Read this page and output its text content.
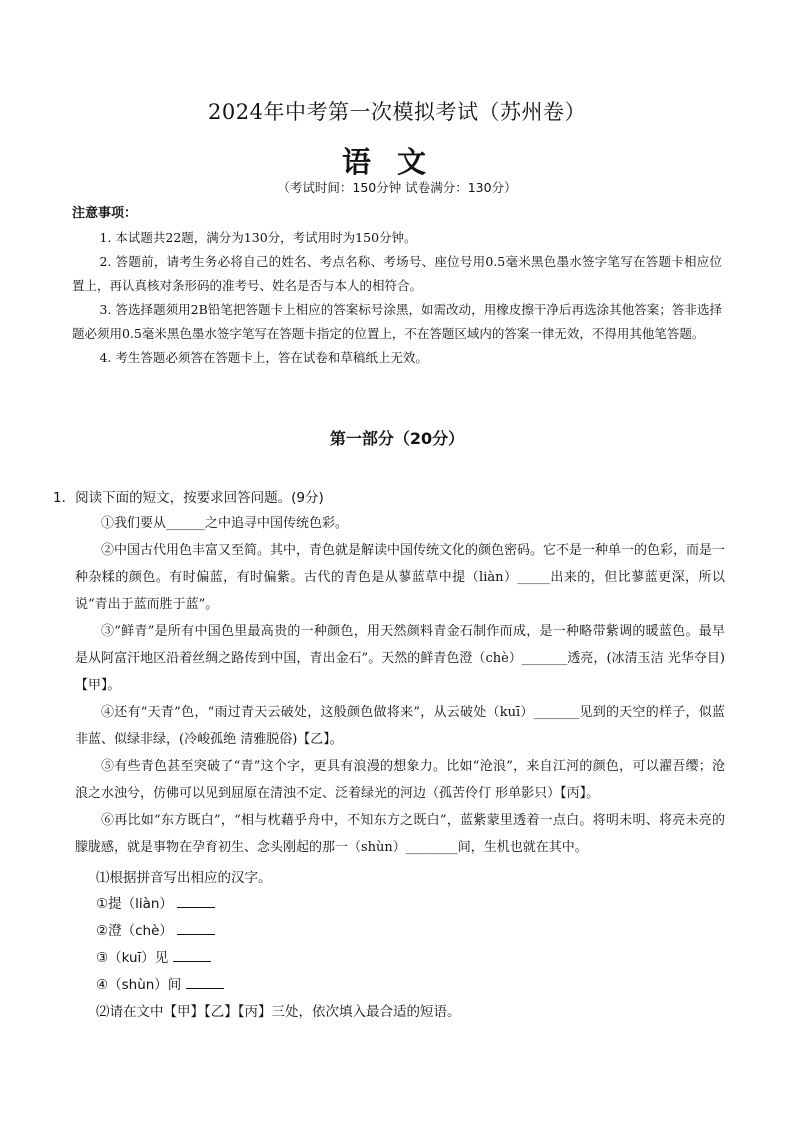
2024年中考第一次模拟考试（苏州卷）
语文
（考试时间：150分钟 试卷满分：130分）
注意事项：
1. 本试题共22题，满分为130分，考试用时为150分钟。
2. 答题前，请考生务必将自己的姓名、考点名称、考场号、座位号用0.5毫米黑色墨水签字笔写在答题卡相应位置上，再认真核对条形码的准考号、姓名是否与本人的相符合。
3. 答选择题须用2B铅笔把答题卡上相应的答案标号涂黑，如需改动，用橡皮擦干净后再选涂其他答案；答非选择题必须用0.5毫米黑色墨水签字笔写在答题卡指定的位置上，不在答题区域内的答案一律无效，不得用其他笔答题。
4. 考生答题必须答在答题卡上，答在试卷和草稿纸上无效。
第一部分（20分）
1．阅读下面的短文，按要求回答问题。(9分)

①我们要从______之中追寻中国传统色彩。

②中国古代用色丰富又至简。其中，青色就是解读中国传统文化的颜色密码。它不是一种单一的色彩，而是一种杂糅的颜色。有时偏蓝，有时偏紫。古代的青色是从蓼蓝草中提（liàn）_____出来的，但比蓼蓝更深，所以说“青出于蓝而胜于蓝”。

③“鲜青”是所有中国色里最高贵的一种颜色，用天然颜料青金石制作而成，是一种略带紫调的暖蓝色。最早是从阿富汗地区沿着丝绸之路传到中国，青出金石”。天然的鲜青色澄（chè）_______透亮，(冰清玉洁 光华夺目)【甲】。

④还有“天青”色，“雨过青天云破处，这般颜色做将来”，从云破处（kuī）_______见到的天空的样子，似蓝非蓝、似绿非绿，(冷峻孤绝 清雅脱俗)【乙】。

⑤有些青色甚至突破了“青”这个字，更具有浪漫的想象力。比如“沧浪”，来自江河的颜色，可以濯吾缨；沧浪之水浊兮，仿佛可以见到屈原在清浊不定、泛着绿光的河边（孤苦伶仃 形单影只）【丙】。

⑥再比如“东方既白”，“相与枕藉乎舟中，不知东方之既白”，蓝紫蒙里透着一点白。将明未明、将亮未亮的朦胧感，就是事物在孕育初生、念头刚起的那一（shùn）________间，生机也就在其中。

⑴根据拼音写出相应的汉字。
①提（liàn）
②澄（chè）
③（kuī）见
④（shùn）间
⑵请在文中【甲】【乙】【丙】三处，依次填入最合适的短语。
